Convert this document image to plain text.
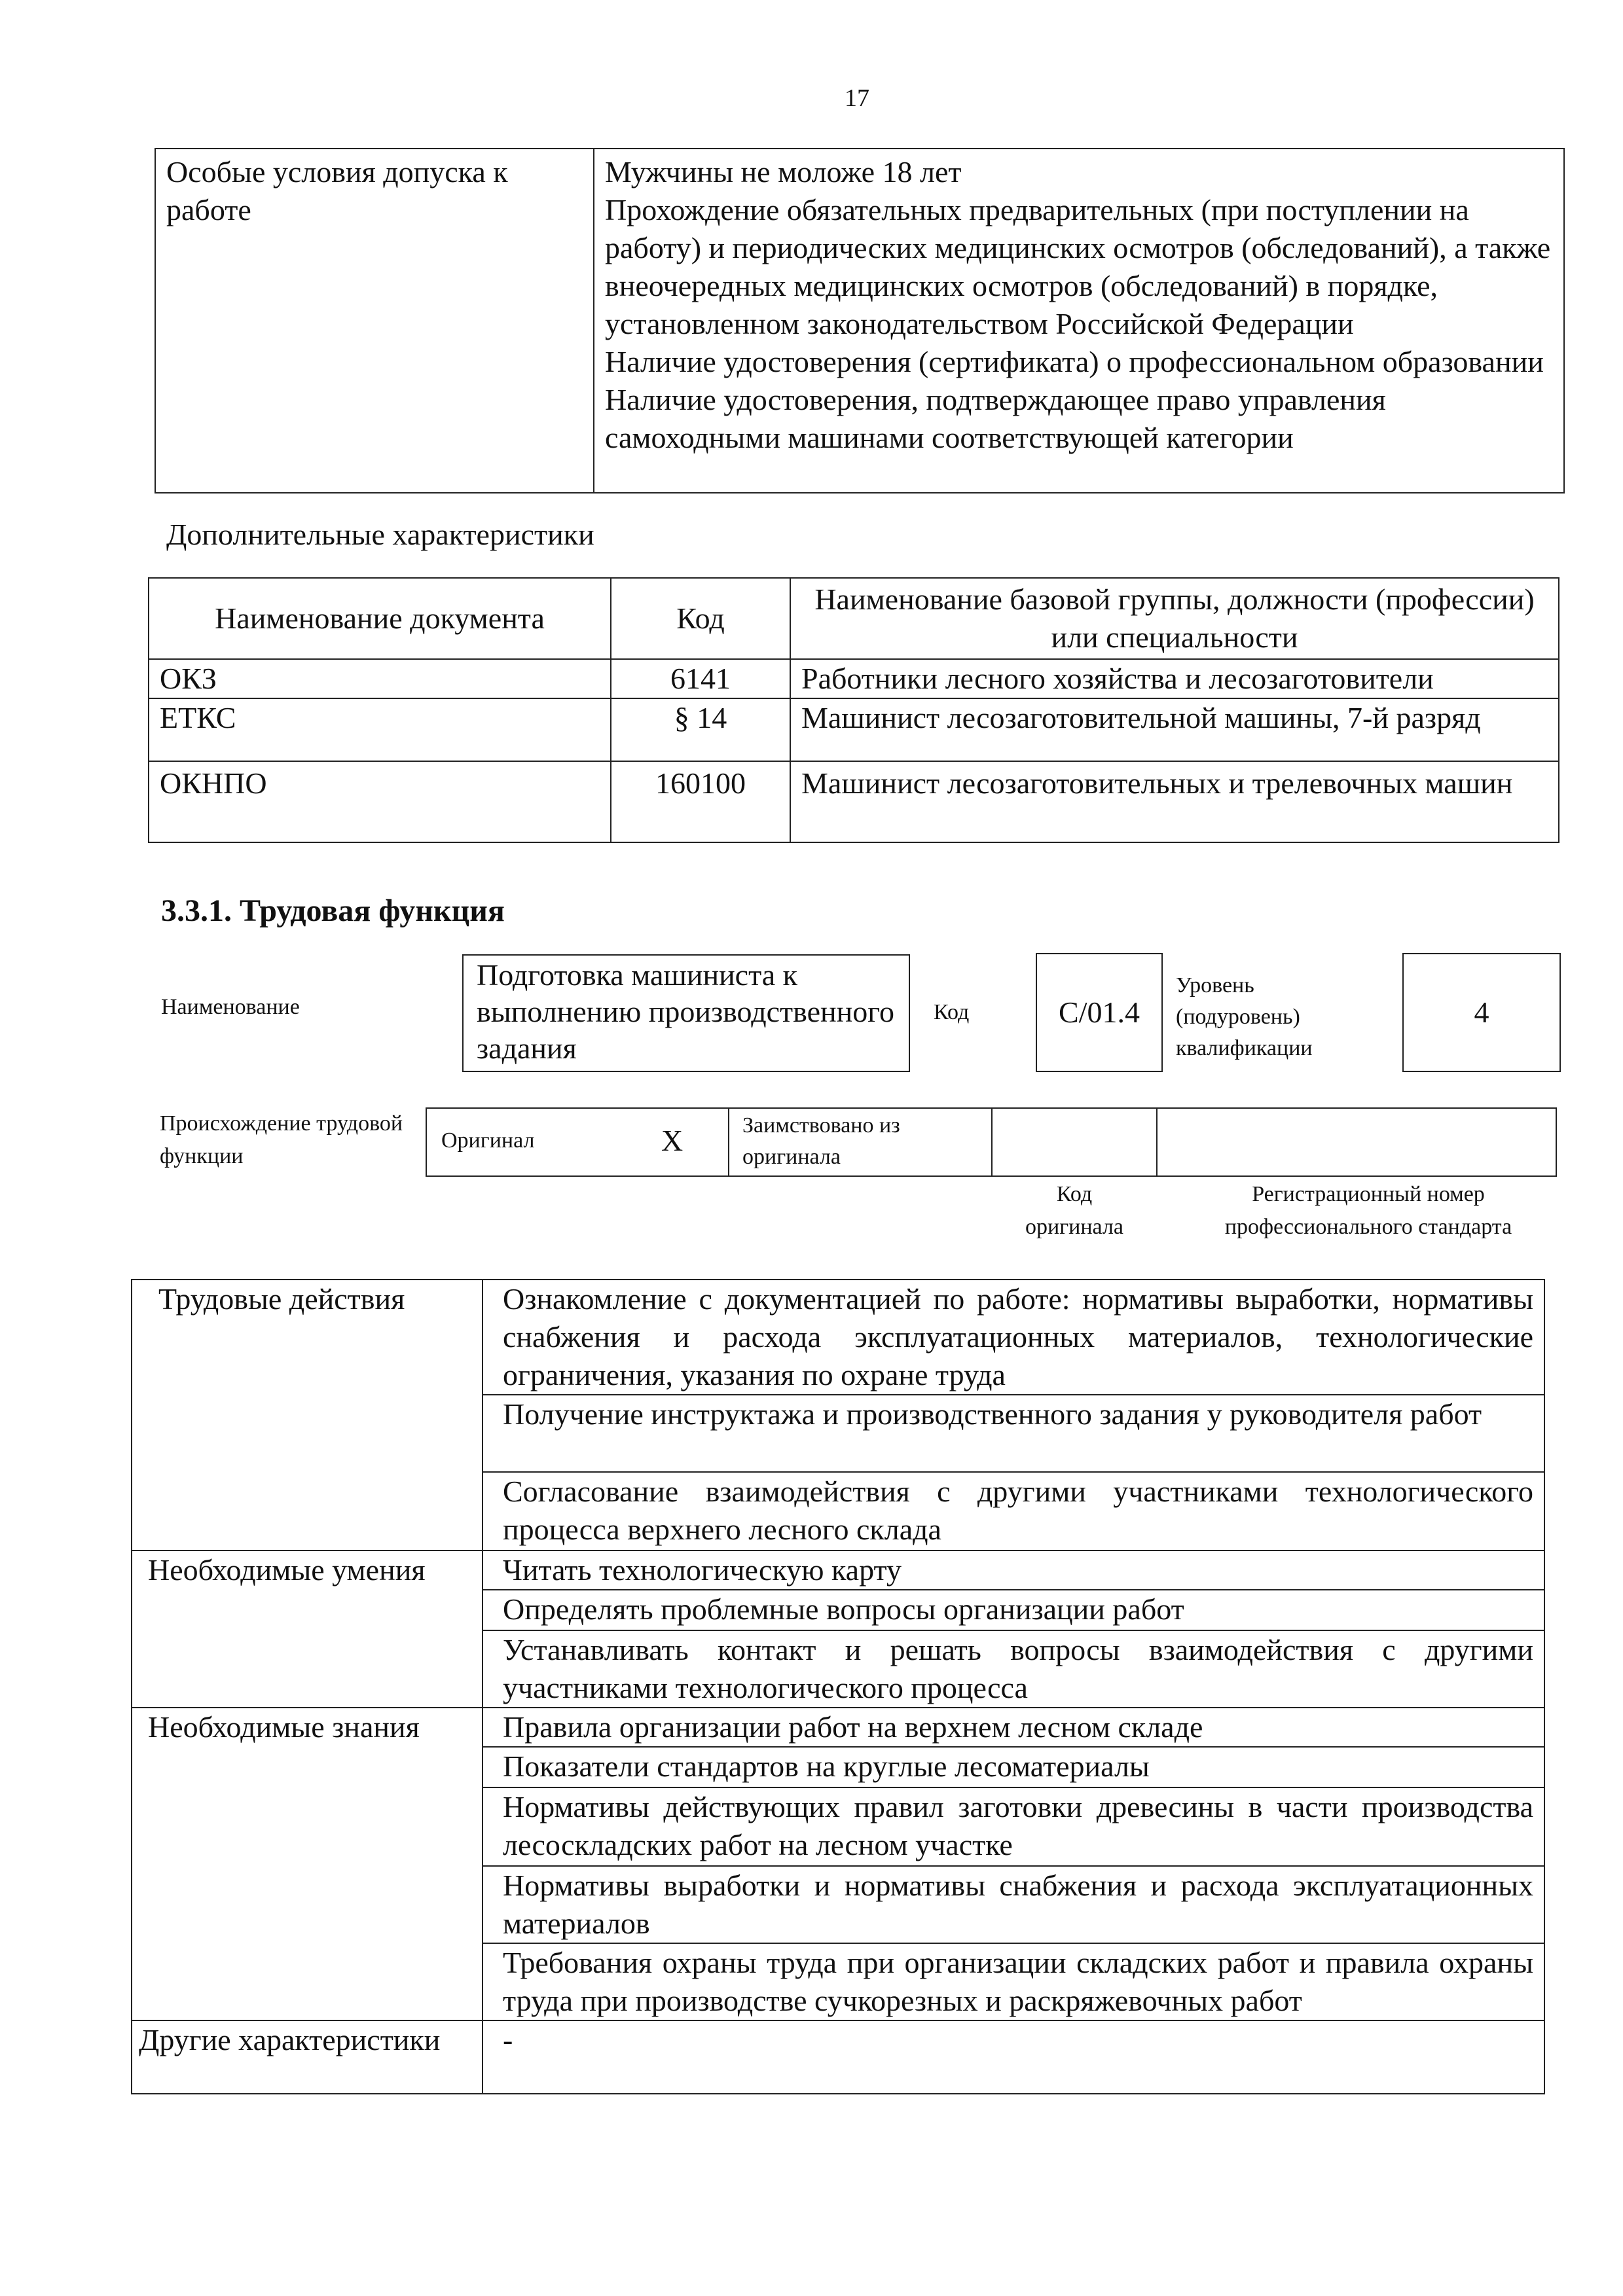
17
Особые условия допуска к работе	

Мужчины не моложе 18 лет

Прохождение обязательных предварительных (при поступлении на работу) и периодических медицинских осмотров (обследований), а также внеочередных медицинских осмотров (обследований) в порядке, установленном законодательством Российской Федерации

Наличие удостоверения (сертификата) о профессиональном образовании

Наличие удостоверения, подтверждающее право управления самоходными машинами соответствующей категории

Дополнительные характеристики
Наименование документа	Код	Наименование базовой группы, должности (профессии) или специальности
ОКЗ	6141	Работники лесного хозяйства и лесозаготовители
ЕТКС	§ 14	Машинист лесозаготовительной машины, 7-й разряд
ОКНПО	160100	Машинист лесозаготовительных и трелевочных машин
3.3.1. Трудовая функция
Наименование
Подготовка машиниста к выполнению производственного задания
Код	С/01.4
Уровень (подуровень) квалификации
4
Происхождение трудовой функции
Оригинал	X	Заимствовано из оригинала
Код оригинала
Регистрационный номер профессионального стандарта
Трудовые действия	Ознакомление с документацией по работе: нормативы выработки, нормативы снабжения и расхода эксплуатационных материалов, технологические ограничения, указания по охране труда
	Получение инструктажа и производственного задания у руководителя работ
	Согласование взаимодействия с другими участниками технологического процесса верхнего лесного склада
Необходимые умения	Читать технологическую карту
	Определять проблемные вопросы организации работ
	Устанавливать контакт и решать вопросы взаимодействия с другими участниками технологического процесса
Необходимые знания	Правила организации работ на верхнем лесном складе
	Показатели стандартов на круглые лесоматериалы
	Нормативы действующих правил заготовки древесины в части производства лесоскладских работ на лесном участке
	Нормативы выработки и нормативы снабжения и расхода эксплуатационных материалов
	Требования охраны труда при организации складских работ и правила охраны труда при производстве сучкорезных и раскряжевочных работ
Другие характеристики	-
